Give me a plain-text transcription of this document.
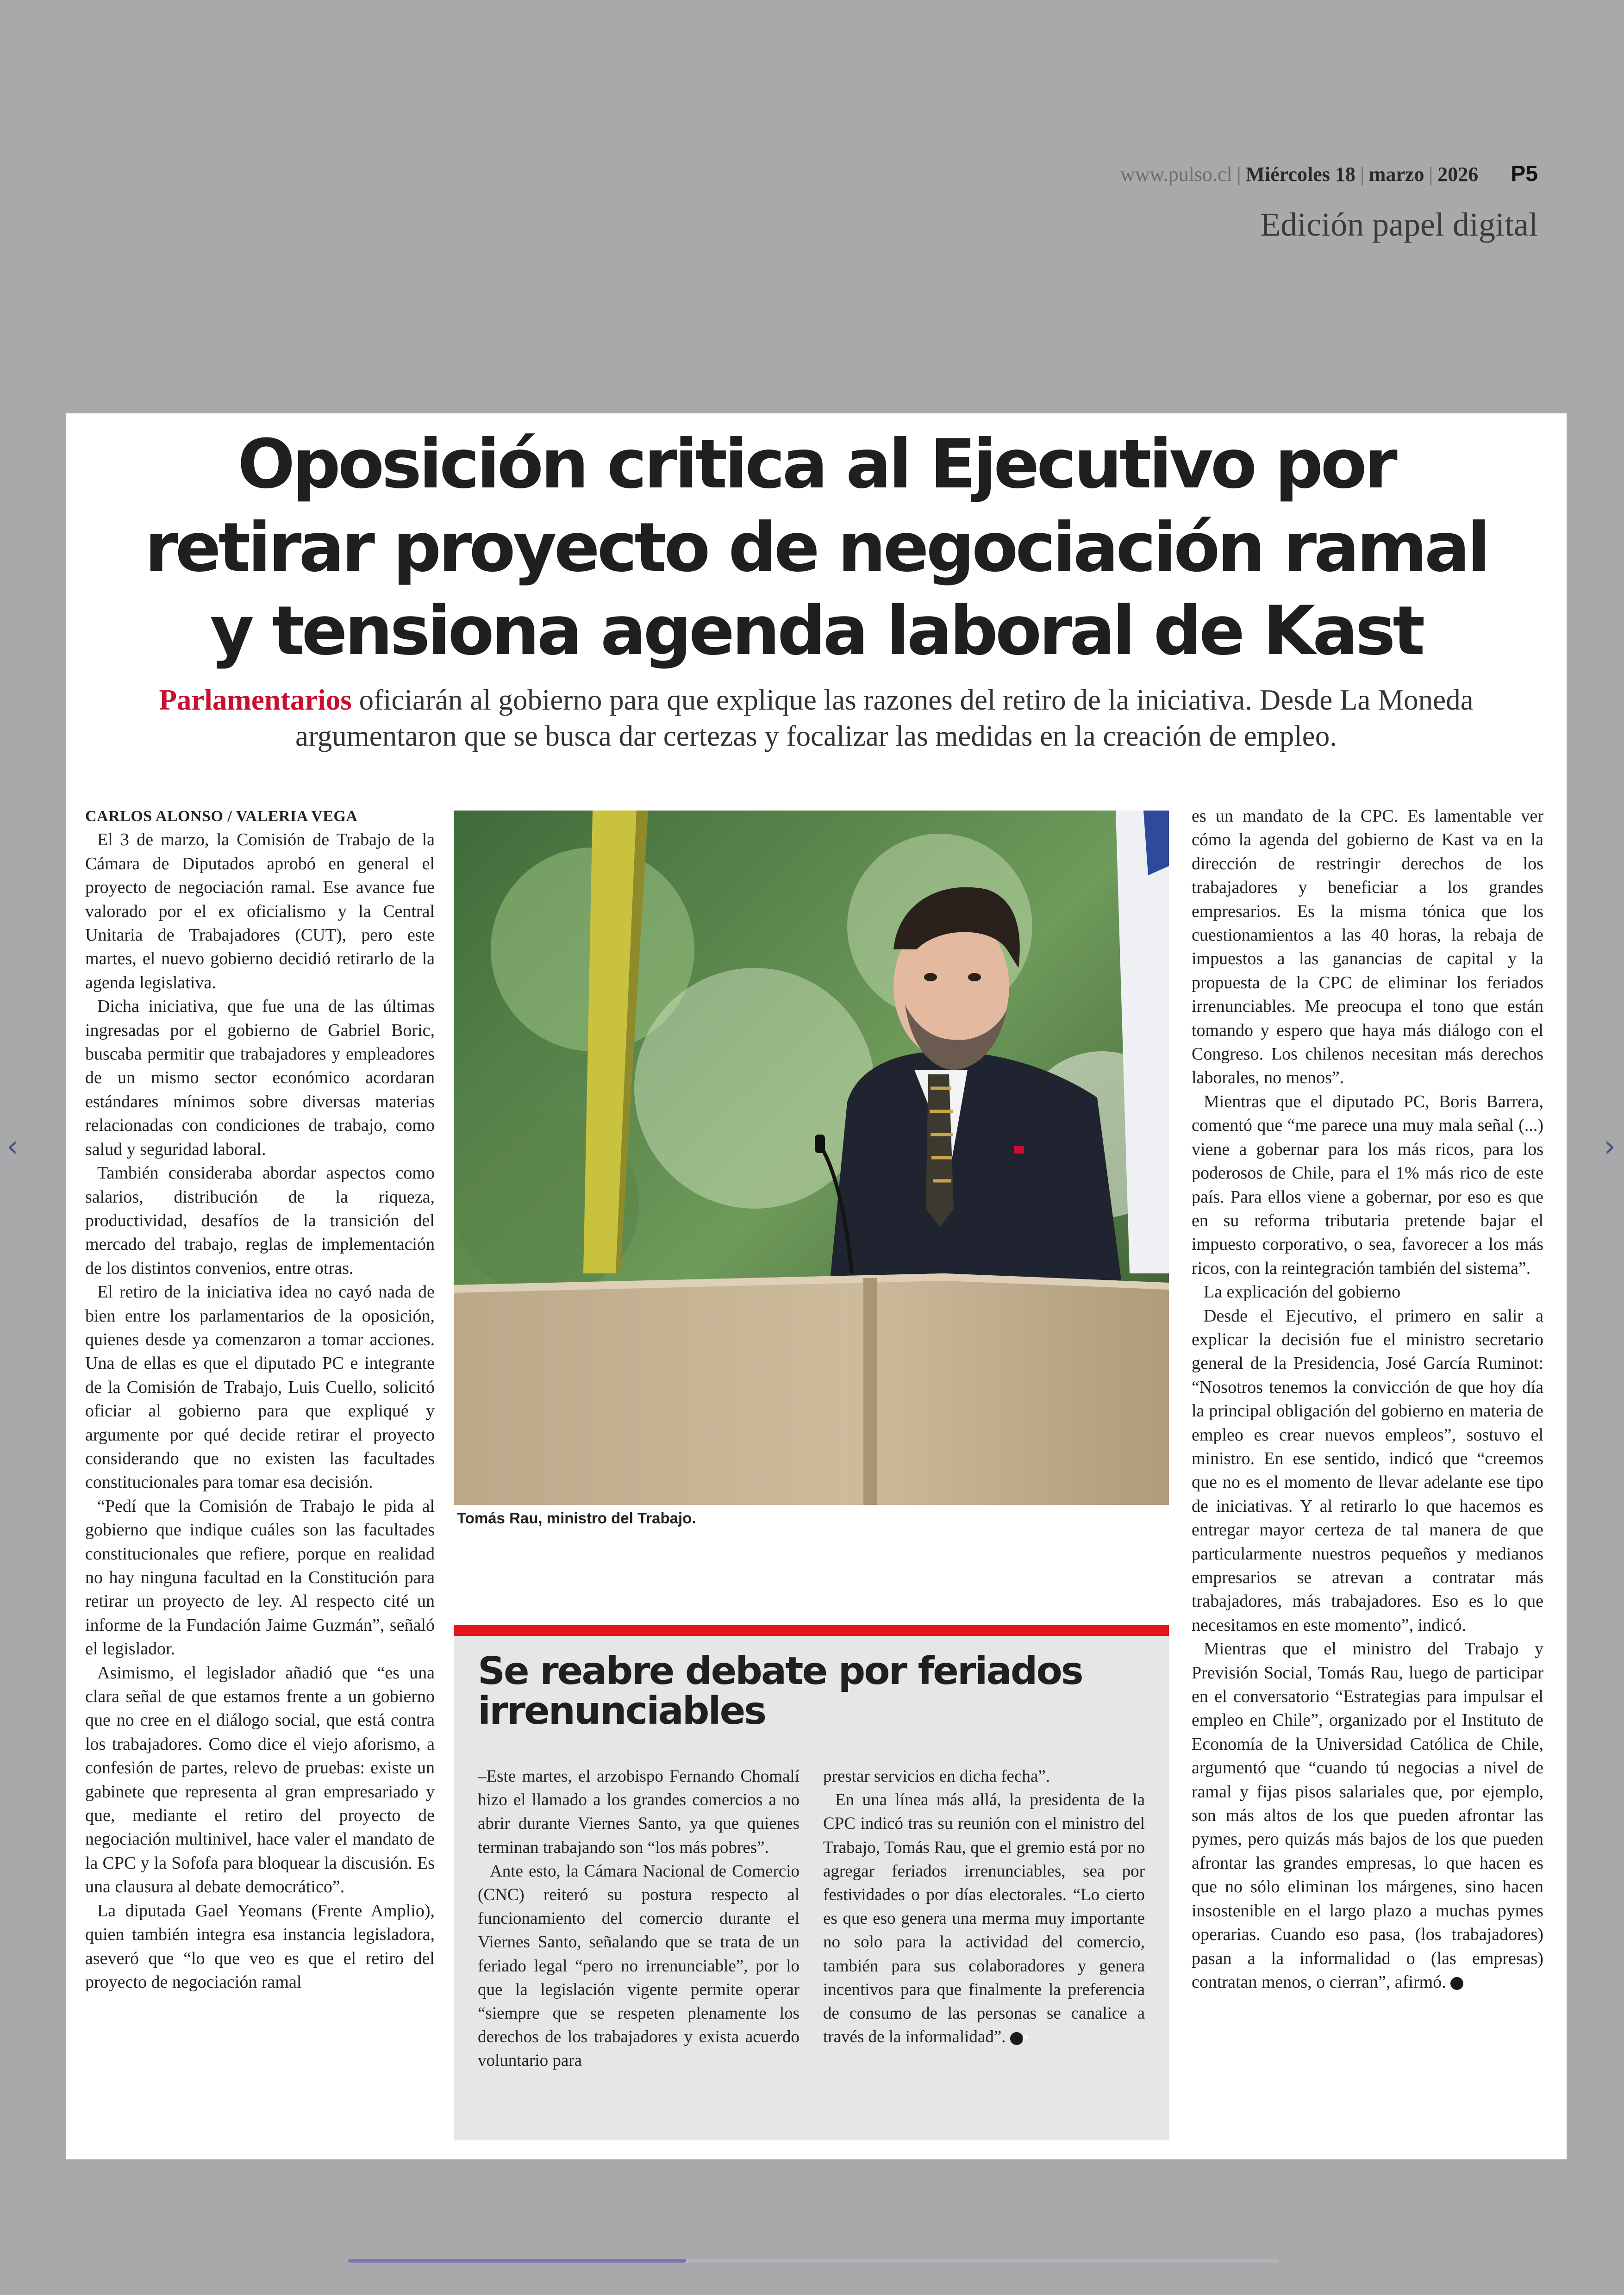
www.pulso.cl | Miércoles 18 | marzo | 2026 P5
Edición papel digital
‹	›
Oposición critica al Ejecutivo por retirar proyecto de negociación ramal y tensiona agenda laboral de Kast
Parlamentarios oficiarán al gobierno para que explique las razones del retiro de la iniciativa. Desde La Moneda argumentaron que se busca dar certezas y focalizar las medidas en la creación de empleo.

CARLOS ALONSO / VALERIA VEGA

El 3 de marzo, la Comisión de Trabajo de la Cámara de Diputados aprobó en general el proyecto de negociación ramal. Ese avance fue valorado por el ex oficialismo y la Central Unitaria de Trabajadores (CUT), pero este martes, el nuevo gobierno decidió retirarlo de la agenda legislativa.

Dicha iniciativa, que fue una de las últimas ingresadas por el gobierno de Gabriel Boric, buscaba permitir que trabajadores y empleadores de un mismo sector económico acordaran estándares mínimos sobre diversas materias relacionadas con condiciones de trabajo, como salud y seguridad laboral.

También consideraba abordar aspectos como salarios, distribución de la riqueza, productividad, desafíos de la transición del mercado del trabajo, reglas de implementación de los distintos convenios, entre otras.

El retiro de la iniciativa idea no cayó nada de bien entre los parlamentarios de la oposición, quienes desde ya comenzaron a tomar acciones. Una de ellas es que el diputado PC e integrante de la Comisión de Trabajo, Luis Cuello, solicitó oficiar al gobierno para que expliqué y argumente por qué decide retirar el proyecto considerando que no existen las facultades constitucionales para tomar esa decisión.

“Pedí que la Comisión de Trabajo le pida al gobierno que indique cuáles son las facultades constitucionales que refiere, porque en realidad no hay ninguna facultad en la Constitución para retirar un proyecto de ley. Al respecto cité un informe de la Fundación Jaime Guzmán”, señaló el legislador.

Asimismo, el legislador añadió que “es una clara señal de que estamos frente a un gobierno que no cree en el diálogo social, que está contra los trabajadores. Como dice el viejo aforismo, a confesión de partes, relevo de pruebas: existe un gabinete que representa al gran empresariado y que, mediante el retiro del proyecto de negociación multinivel, hace valer el mandato de la CPC y la Sofofa para bloquear la discusión. Es una clausura al debate democrático”.

La diputada Gael Yeomans (Frente Amplio), quien también integra esa instancia legisladora, aseveró que “lo que veo es que el retiro del proyecto de negociación ramal

Tomás Rau, ministro del Trabajo.
Se reabre debate por feriados irrenunciables

–Este martes, el arzobispo Fernando Chomalí hizo el llamado a los grandes comercios a no abrir durante Viernes Santo, ya que quienes terminan trabajando son “los más pobres”.

Ante esto, la Cámara Nacional de Comercio (CNC) reiteró su postura respecto al funcionamiento del comercio durante el Viernes Santo, señalando que se trata de un feriado legal “pero no irrenunciable”, por lo que la legislación vigente permite operar “siempre que se respeten plenamente los derechos de los trabajadores y exista acuerdo voluntario para

prestar servicios en dicha fecha”.

En una línea más allá, la presidenta de la CPC indicó tras su reunión con el ministro del Trabajo, Tomás Rau, que el gremio está por no agregar feriados irrenunciables, sea por festividades o por días electorales. “Lo cierto es que eso genera una merma muy importante no solo para la actividad del comercio, también para sus colaboradores y genera incentivos para que finalmente la preferencia de consumo de las personas se canalice a través de la informalidad”. P

es un mandato de la CPC. Es lamentable ver cómo la agenda del gobierno de Kast va en la dirección de restringir derechos de los trabajadores y beneficiar a los grandes empresarios. Es la misma tónica que los cuestionamientos a las 40 horas, la rebaja de impuestos a las ganancias de capital y la propuesta de la CPC de eliminar los feriados irrenunciables. Me preocupa el tono que están tomando y espero que haya más diálogo con el Congreso. Los chilenos necesitan más derechos laborales, no menos”.

Mientras que el diputado PC, Boris Barrera, comentó que “me parece una muy mala señal (...) viene a gobernar para los más ricos, para los poderosos de Chile, para el 1% más rico de este país. Para ellos viene a gobernar, por eso es que en su reforma tributaria pretende bajar el impuesto corporativo, o sea, favorecer a los más ricos, con la reintegración también del sistema”.

La explicación del gobierno

Desde el Ejecutivo, el primero en salir a explicar la decisión fue el ministro secretario general de la Presidencia, José García Ruminot: “Nosotros tenemos la convicción de que hoy día la principal obligación del gobierno en materia de empleo es crear nuevos empleos”, sostuvo el ministro. En ese sentido, indicó que “creemos que no es el momento de llevar adelante ese tipo de iniciativas. Y al retirarlo lo que hacemos es entregar mayor certeza de tal manera de que particularmente nuestros pequeños y medianos empresarios se atrevan a contratar más trabajadores, más trabajadores. Eso es lo que necesitamos en este momento”, indicó.

Mientras que el ministro del Trabajo y Previsión Social, Tomás Rau, luego de participar en el conversatorio “Estrategias para impulsar el empleo en Chile”, organizado por el Instituto de Economía de la Universidad Católica de Chile, argumentó que “cuando tú negocias a nivel de ramal y fijas pisos salariales que, por ejemplo, son más altos de los que pueden afrontar las pymes, pero quizás más bajos de los que pueden afrontar las grandes empresas, lo que hacen es que no sólo eliminan los márgenes, sino hacen insostenible en el largo plazo a muchas pymes operarias. Cuando eso pasa, (los trabajadores) pasan a la informalidad o (las empresas) contratan menos, o cierran”, afirmó. P
